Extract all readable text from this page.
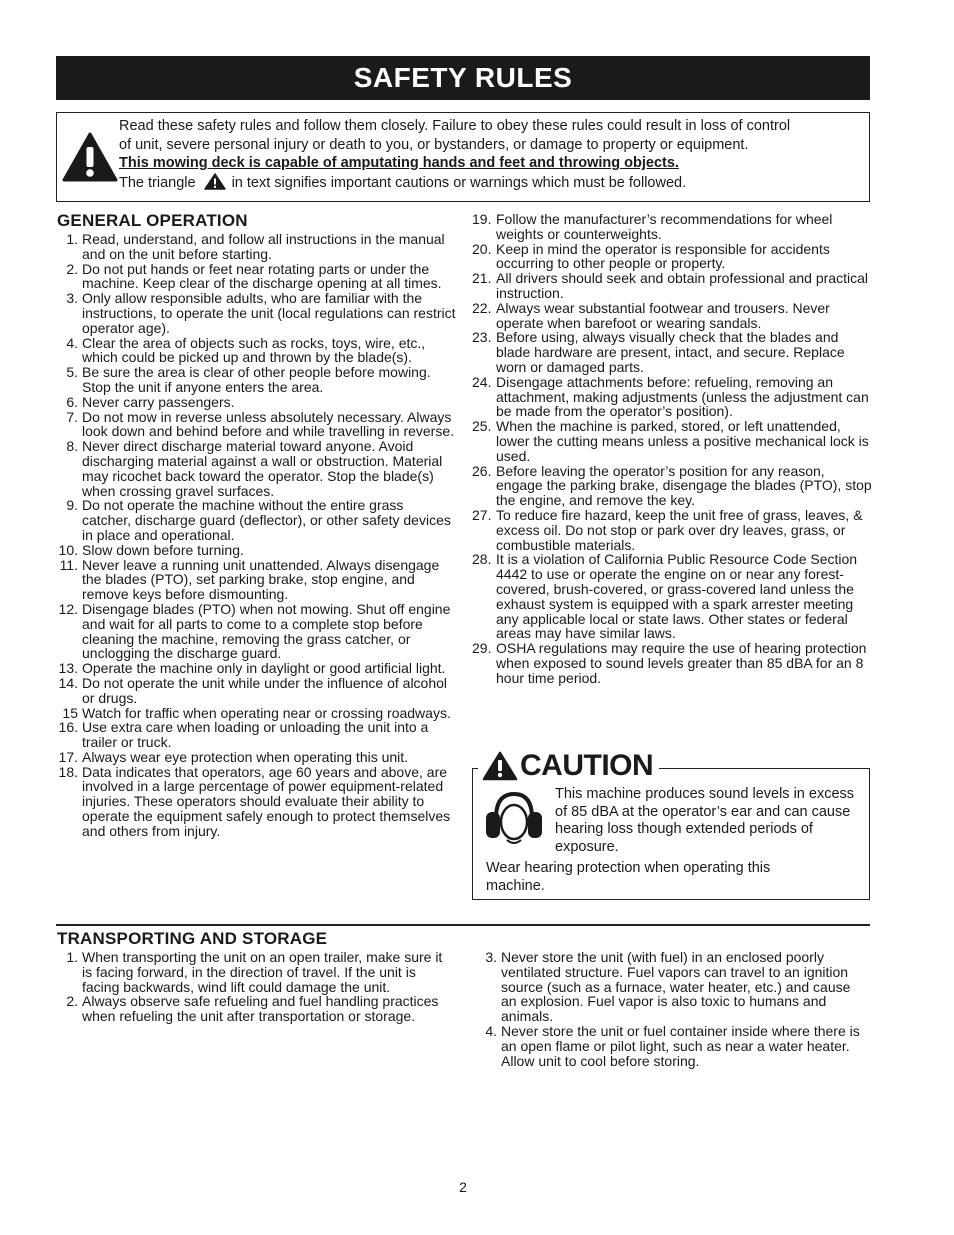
SAFETY RULES
Read these safety rules and follow them closely. Failure to obey these rules could result in loss of control
of unit, severe personal injury or death to you, or bystanders, or damage to property or equipment.
This mowing deck is capable of amputating hands and feet and throwing objects.
The triangle in text signifies important cautions or warnings which must be followed.
GENERAL OPERATION
1. Read, understand, and follow all instructions in the manual and on the unit before starting.
2. Do not put hands or feet near rotating parts or under the machine. Keep clear of the discharge opening at all times.
3. Only allow responsible adults, who are familiar with the instructions, to operate the unit (local regulations can restrict operator age).
4. Clear the area of objects such as rocks, toys, wire, etc., which could be picked up and thrown by the blade(s).
5. Be sure the area is clear of other people before mowing. Stop the unit if anyone enters the area.
6. Never carry passengers.
7. Do not mow in reverse unless absolutely necessary. Always look down and behind before and while travelling in reverse.
8. Never direct discharge material toward anyone. Avoid discharging material against a wall or obstruction. Material may ricochet back toward the operator. Stop the blade(s) when crossing gravel surfaces.
9. Do not operate the machine without the entire grass catcher, discharge guard (deflector), or other safety devices in place and operational.
10. Slow down before turning.
11. Never leave a running unit unattended. Always disengage the blades (PTO), set parking brake, stop engine, and remove keys before dismounting.
12. Disengage blades (PTO) when not mowing. Shut off engine and wait for all parts to come to a complete stop before cleaning the machine, removing the grass catcher, or unclogging the discharge guard.
13. Operate the machine only in daylight or good artificial light.
14. Do not operate the unit while under the influence of alcohol or drugs.
15 Watch for traffic when operating near or crossing roadways.
16. Use extra care when loading or unloading the unit into a trailer or truck.
17. Always wear eye protection when operating this unit.
18. Data indicates that operators, age 60 years and above, are involved in a large percentage of power equipment-related injuries. These operators should evaluate their ability to operate the equipment safely enough to protect themselves and others from injury.
19. Follow the manufacturer’s recommendations for wheel weights or counterweights.
20. Keep in mind the operator is responsible for accidents occurring to other people or property.
21. All drivers should seek and obtain professional and practical instruction.
22. Always wear substantial footwear and trousers. Never operate when barefoot or wearing sandals.
23. Before using, always visually check that the blades and blade hardware are present, intact, and secure. Replace worn or damaged parts.
24. Disengage attachments before: refueling, removing an attachment, making adjustments (unless the adjustment can be made from the operator’s position).
25. When the machine is parked, stored, or left unattended, lower the cutting means unless a positive mechanical lock is used.
26. Before leaving the operator’s position for any reason, engage the parking brake, disengage the blades (PTO), stop the engine, and remove the key.
27. To reduce fire hazard, keep the unit free of grass, leaves, & excess oil. Do not stop or park over dry leaves, grass, or combustible materials.
28. It is a violation of California Public Resource Code Section 4442 to use or operate the engine on or near any forest-covered, brush-covered, or grass-covered land unless the exhaust system is equipped with a spark arrester meeting any applicable local or state laws. Other states or federal areas may have similar laws.
29. OSHA regulations may require the use of hearing protection when exposed to sound levels greater than 85 dBA for an 8 hour time period.
CAUTION
This machine produces sound levels in excess of 85 dBA at the operator’s ear and can cause hearing loss though extended periods of exposure.
Wear hearing protection when operating this machine.
TRANSPORTING AND STORAGE
1. When transporting the unit on an open trailer, make sure it is facing forward, in the direction of travel. If the unit is facing backwards, wind lift could damage the unit.
2. Always observe safe refueling and fuel handling practices when refueling the unit after transportation or storage.
3. Never store the unit (with fuel) in an enclosed poorly ventilated structure. Fuel vapors can travel to an ignition source (such as a furnace, water heater, etc.) and cause an explosion. Fuel vapor is also toxic to humans and animals.
4. Never store the unit or fuel container inside where there is an open flame or pilot light, such as near a water heater. Allow unit to cool before storing.
2
